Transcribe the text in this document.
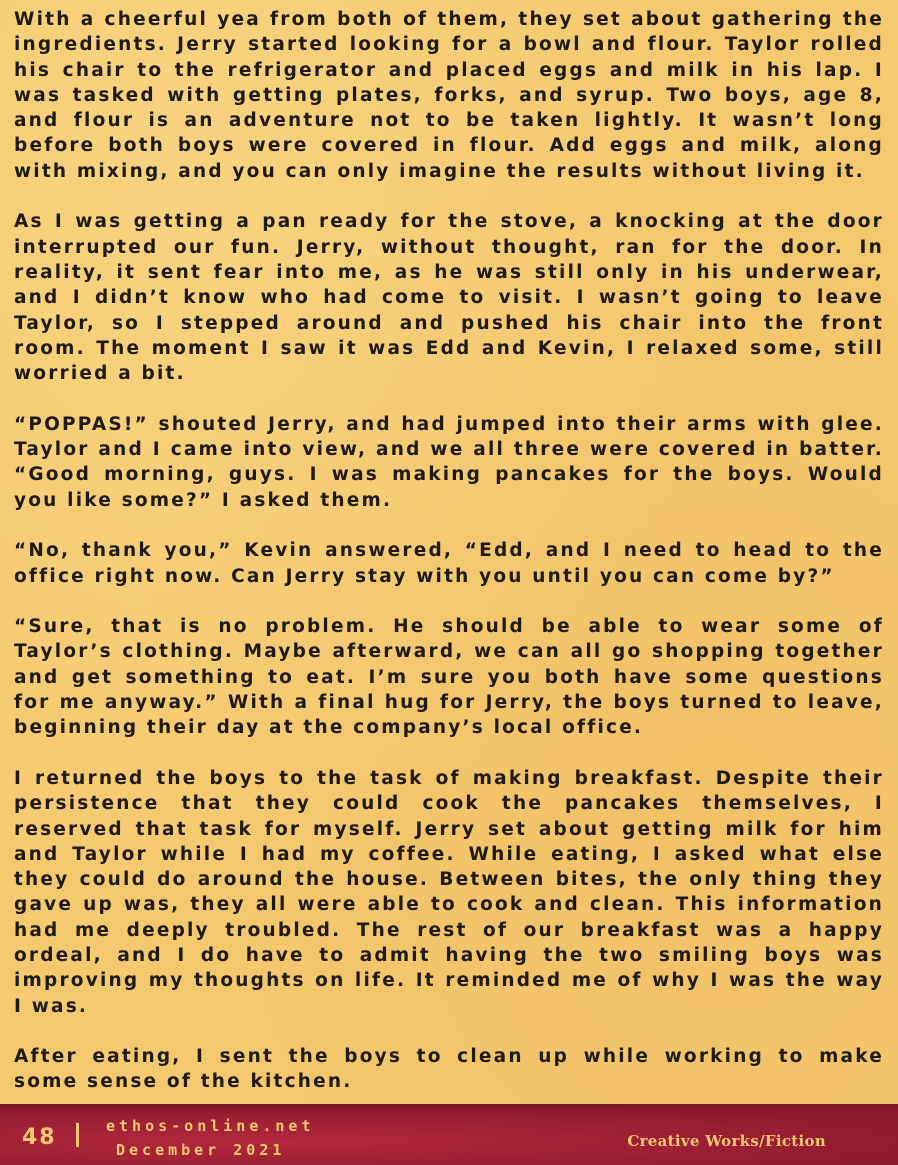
With a cheerful yea from both of them, they set about gathering the ingredients. Jerry started looking for a bowl and flour. Taylor rolled his chair to the refrigerator and placed eggs and milk in his lap. I was tasked with getting plates, forks, and syrup. Two boys, age 8, and flour is an adventure not to be taken lightly. It wasn’t long before both boys were covered in flour. Add eggs and milk, along with mixing, and you can only imagine the results without living it.

As I was getting a pan ready for the stove, a knocking at the door interrupted our fun. Jerry, without thought, ran for the door. In reality, it sent fear into me, as he was still only in his underwear, and I didn’t know who had come to visit. I wasn’t going to leave Taylor, so I stepped around and pushed his chair into the front room. The moment I saw it was Edd and Kevin, I relaxed some, still worried a bit.

“POPPAS!” shouted Jerry, and had jumped into their arms with glee. Taylor and I came into view, and we all three were covered in batter. “Good morning, guys. I was making pancakes for the boys. Would you like some?” I asked them.

“No, thank you,” Kevin answered, “Edd, and I need to head to the office right now. Can Jerry stay with you until you can come by?”

“Sure, that is no problem. He should be able to wear some of Taylor’s clothing. Maybe afterward, we can all go shopping together and get something to eat. I’m sure you both have some questions for me anyway.” With a final hug for Jerry, the boys turned to leave, beginning their day at the company’s local office.

I returned the boys to the task of making breakfast. Despite their persistence that they could cook the pancakes themselves, I reserved that task for myself. Jerry set about getting milk for him and Taylor while I had my coffee. While eating, I asked what else they could do around the house. Between bites, the only thing they gave up was, they all were able to cook and clean. This information had me deeply troubled. The rest of our breakfast was a happy ordeal, and I do have to admit having the two smiling boys was improving my thoughts on life. It reminded me of why I was the way I was.

After eating, I sent the boys to clean up while working to make some sense of the kitchen.

48	ethos-online.net
December 2021	Creative Works/Fiction
